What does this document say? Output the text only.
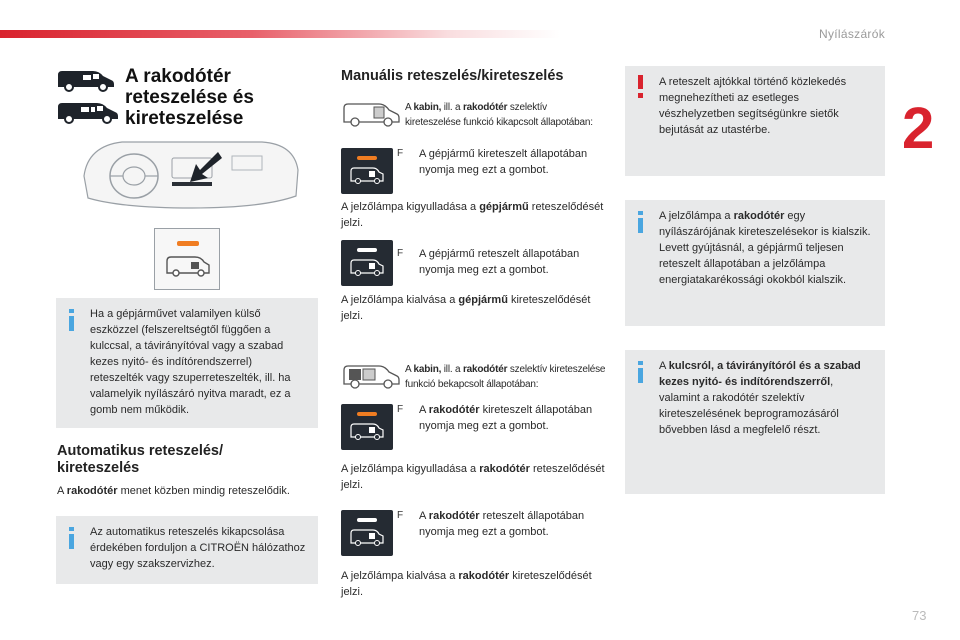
Nyílászárók
2
73
A rakodótér reteszelése és kireteszelése
Ha a gépjárművet valamilyen külső eszközzel (felszereltségtől függően a kulccsal, a távirányítóval vagy a szabad kezes nyitó- és indítórendszerrel) reteszelték vagy szuperreteszelték, ill. ha valamelyik nyílászáró nyitva maradt, ez a gomb nem működik.
Automatikus reteszelés/ kireteszelés
A rakodótér menet közben mindig reteszelődik.
Az automatikus reteszelés kikapcsolása érdekében forduljon a CITROËN hálózathoz vagy egy szakszervizhez.
Manuális reteszelés/kireteszelés
A kabin, ill. a rakodótér szelektív kireteszelése funkció kikapcsolt állapotában:
F A gépjármű kireteszelt állapotában nyomja meg ezt a gombot.
A jelzőlámpa kigyulladása a gépjármű reteszelődését jelzi.
F A gépjármű reteszelt állapotában nyomja meg ezt a gombot.
A jelzőlámpa kialvása a gépjármű kireteszelődését jelzi.
A kabin, ill. a rakodótér szelektív kireteszelése funkció bekapcsolt állapotában:
F A rakodótér kireteszelt állapotában nyomja meg ezt a gombot.
A jelzőlámpa kigyulladása a rakodótér reteszelődését jelzi.
F A rakodótér reteszelt állapotában nyomja meg ezt a gombot.
A jelzőlámpa kialvása a rakodótér kireteszelődését jelzi.
A reteszelt ajtókkal történő közlekedés megnehezítheti az esetleges vészhelyzetben segítségünkre sietők bejutását az utastérbe.
A jelzőlámpa a rakodótér egy nyílászárójának kireteszelésekor is kialszik.
Levett gyújtásnál, a gépjármű teljesen reteszelt állapotában a jelzőlámpa energiatakarékossági okokból kialszik.
A kulcsról, a távirányítóról és a szabad kezes nyitó- és indítórendszerről, valamint a rakodótér szelektív kireteszelésének beprogramozásáról bővebben lásd a megfelelő részt.
